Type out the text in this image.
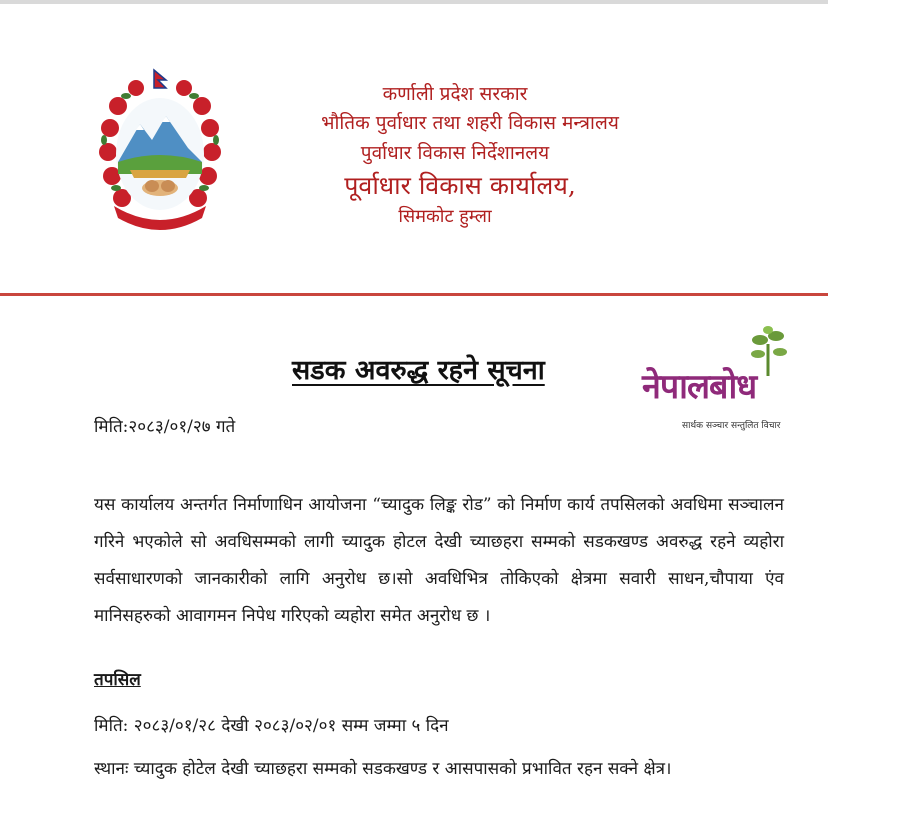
कर्णाली प्रदेश सरकार
भौतिक पुर्वाधार तथा शहरी विकास मन्त्रालय
पुर्वाधार विकास निर्देशानलय
पूर्वाधार विकास कार्यालय,
सिमकोट हुम्ला
सडक अवरुद्ध रहने सूचना	नेपालबोध
सार्थक सञ्चार सन्तुलित विचार
मिति:२०८३/०१/२७ गते
यस कार्यालय अन्तर्गत निर्माणाधिन आयोजना “च्यादुक लिङ्क रोड” को निर्माण कार्य तपसिलको अवधिमा सञ्चालन गरिने भएकोले सो अवधिसम्मको लागी च्यादुक होटल देखी च्याछहरा सम्मको सडकखण्ड अवरुद्ध रहने व्यहोरा सर्वसाधारणको जानकारीको लागि अनुरोध छ।सो अवधिभित्र तोकिएको क्षेत्रमा सवारी साधन,चौपाया एंव मानिसहरुको आवागमन निपेध गरिएको व्यहोरा समेत अनुरोध छ ।
तपसिल
मिति: २०८३/०१/२८ देखी २०८३/०२/०१ सम्म जम्मा ५ दिन
स्थानः च्यादुक होटेल देखी च्याछहरा सम्मको सडकखण्ड र आसपासको प्रभावित रहन सक्ने क्षेत्र।
